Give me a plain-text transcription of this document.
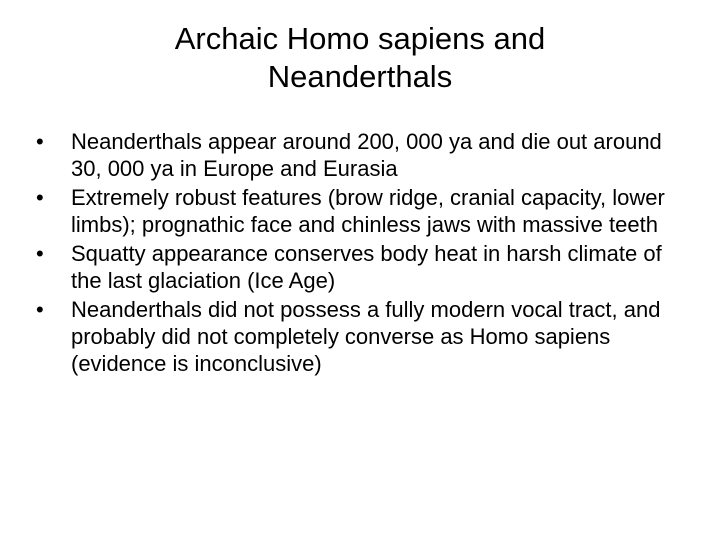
Archaic Homo sapiens and
Neanderthals
•	Neanderthals appear around 200, 000 ya and die out around 30, 000 ya in Europe and Eurasia
•	Extremely robust features (brow ridge, cranial capacity, lower limbs); prognathic face and chinless jaws with massive teeth
•	Squatty appearance conserves body heat in harsh climate of the last glaciation (Ice Age)
•	Neanderthals did not possess a fully modern vocal tract, and probably did not completely converse as Homo sapiens (evidence is inconclusive)
